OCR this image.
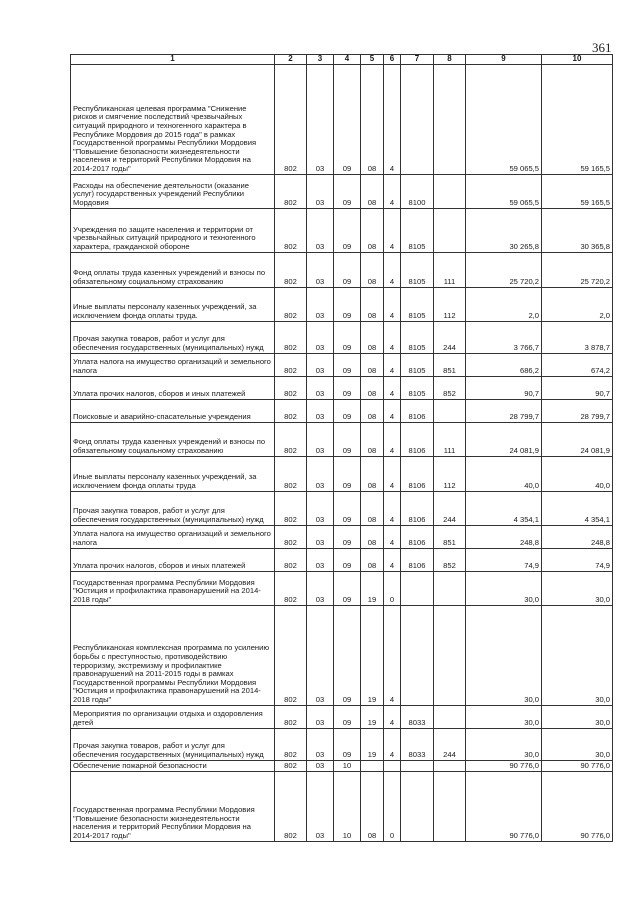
361
1	2	3	4	5	6	7	8	9	10
Республиканская целевая программа "Снижение рисков и смягчение последствий чрезвычайных ситуаций природного и техногенного характера в Республике Мордовия до 2015 года" в рамках Государственной программы Республики Мордовия "Повышение безопасности жизнедеятельности населения и территорий Республики Мордовия на 2014-2017 годы"	802	03	09	08	4			59 065,5	59 165,5
Расходы на обеспечение деятельности (оказание услуг) государственных учреждений Республики Мордовия	802	03	09	08	4	8100		59 065,5	59 165,5
Учреждения по защите населения и территории от чрезвычайных ситуаций природного и техногенного характера, гражданской обороне	802	03	09	08	4	8105		30 265,8	30 365,8
Фонд оплаты труда казенных учреждений и взносы по обязательному социальному страхованию	802	03	09	08	4	8105	111	25 720,2	25 720,2
Иные выплаты персоналу казенных учреждений, за исключением фонда оплаты труда.	802	03	09	08	4	8105	112	2,0	2,0
Прочая закупка товаров, работ и услуг для обеспечения государственных (муниципальных) нужд	802	03	09	08	4	8105	244	3 766,7	3 878,7
Уплата налога на имущество организаций и земельного налога	802	03	09	08	4	8105	851	686,2	674,2
Уплата прочих налогов, сборов и иных платежей	802	03	09	08	4	8105	852	90,7	90,7
Поисковые и аварийно-спасательные учреждения	802	03	09	08	4	8106		28 799,7	28 799,7
Фонд оплаты труда казенных учреждений и взносы по обязательному социальному страхованию	802	03	09	08	4	8106	111	24 081,9	24 081,9
Иные выплаты персоналу казенных учреждений, за исключением фонда оплаты труда	802	03	09	08	4	8106	112	40,0	40,0
Прочая закупка товаров, работ и услуг для обеспечения государственных (муниципальных) нужд	802	03	09	08	4	8106	244	4 354,1	4 354,1
Уплата налога на имущество организаций и земельного налога	802	03	09	08	4	8106	851	248,8	248,8
Уплата прочих налогов, сборов и иных платежей	802	03	09	08	4	8106	852	74,9	74,9
Государственная программа Республики Мордовия "Юстиция и профилактика правонарушений на 2014-2018 годы"	802	03	09	19	0			30,0	30,0
Республиканская комплексная программа по усилению борьбы с преступностью, противодействию терроризму, экстремизму и профилактике правонарушений на 2011-2015 годы в рамках Государственной программы Республики Мордовия "Юстиция и профилактика правонарушений на 2014-2018 годы"	802	03	09	19	4			30,0	30,0
Мероприятия по организации отдыха и оздоровления детей	802	03	09	19	4	8033		30,0	30,0
Прочая закупка товаров, работ и услуг для обеспечения государственных (муниципальных) нужд	802	03	09	19	4	8033	244	30,0	30,0
Обеспечение пожарной безопасности	802	03	10					90 776,0	90 776,0
Государственная программа Республики Мордовия "Повышение безопасности жизнедеятельности населения и территорий Республики Мордовия на 2014-2017 годы"	802	03	10	08	0			90 776,0	90 776,0
